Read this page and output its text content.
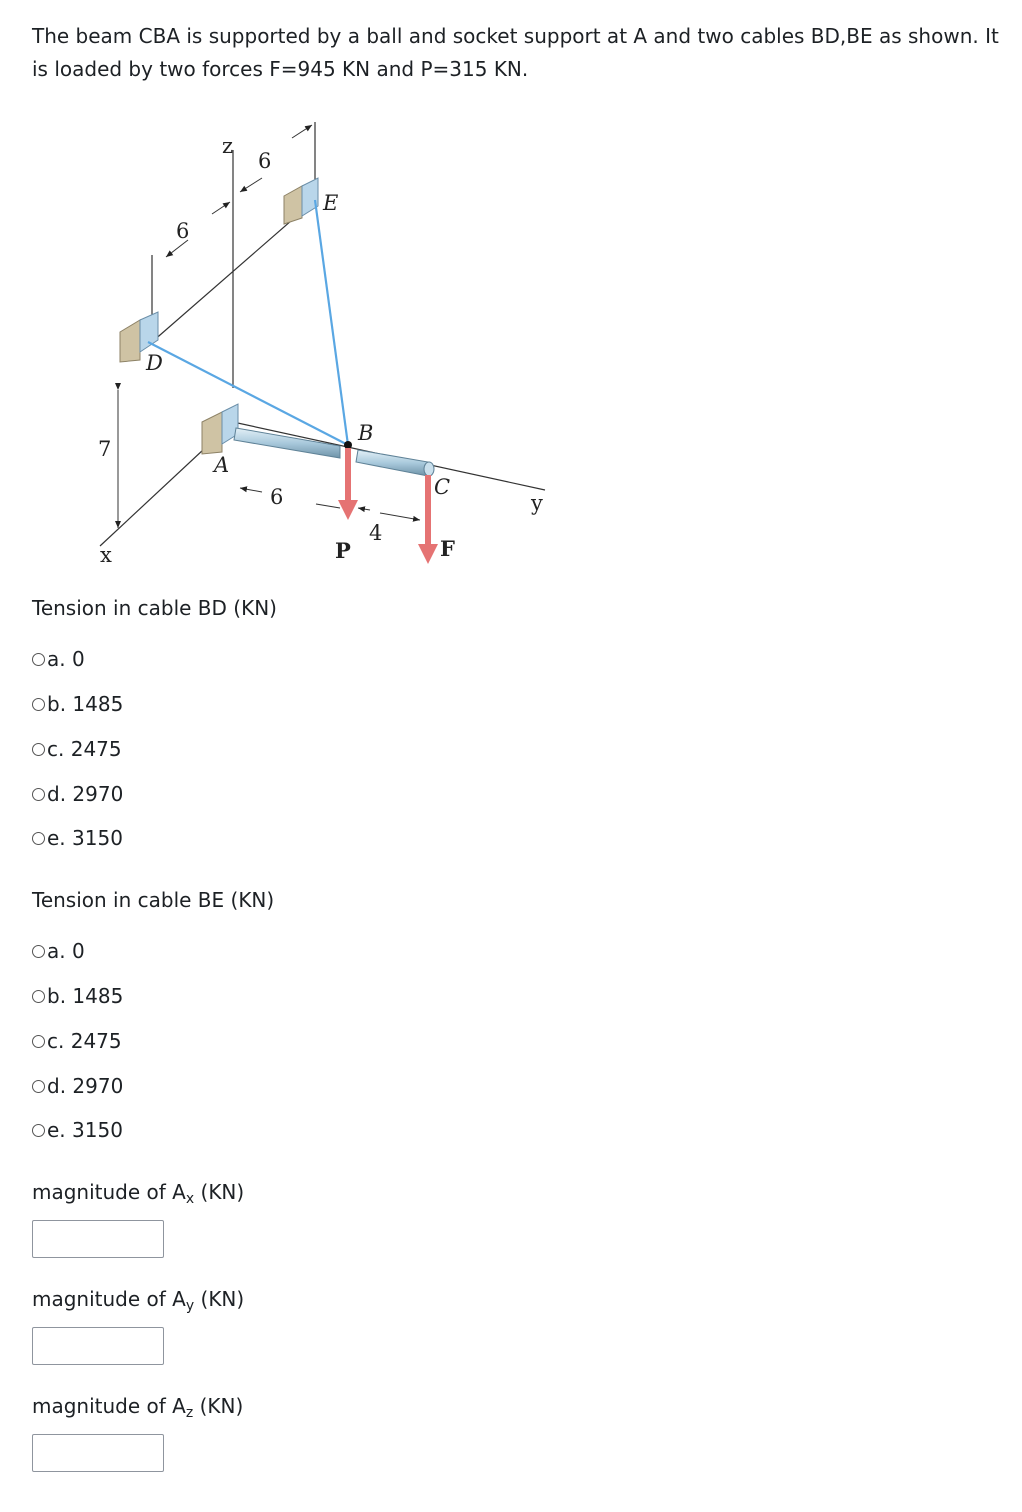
The beam CBA is supported by a ball and socket support at A and two cables BD,BE as shown. It is loaded by two forces F=945 KN and P=315 KN.

z
x
y
D
E
A
B
C
P	F
6
6
7
6
4
Tension in cable BD (KN)
a.
0
b.
1485
c.
2475
d.
2970
e.
3150
Tension in cable BE (KN)
a.
0
b.
1485
c.
2475
d.
2970
e.
3150
magnitude of $A_x$ (KN)
magnitude of $A_y$ (KN)
magnitude of $A_z$ (KN)
